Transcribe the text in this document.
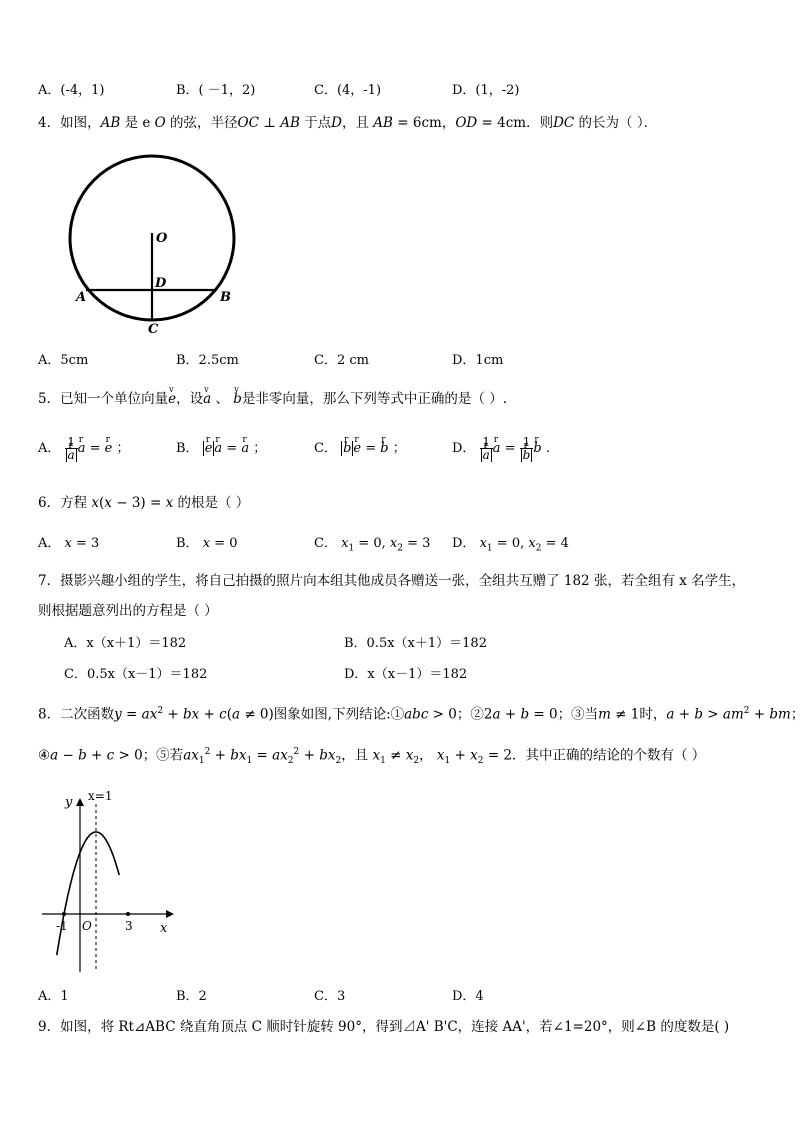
A．(-4，1)	B．( －1，2)	C．(4，-1)	D．(1，-2)
4．如图，AB 是 e O 的弦，半径OC ⊥ AB 于点D，且 AB = 6cm，OD = 4cm．则DC 的长为（ ）．
O
D
A	B
C
A．5cm	B．2.5cm	C．2 cm	D．1cm
5．已知一个单位向量v e，设v a 、 v b是非零向量，那么下列等式中正确的是（ ）.
A． 1
r a r a = r e ；	B． r e r a = r a ；	C． r b r e = r b ；	D． 1
r a r a = 1
r b r b .
6．方程 x(x − 3) = x 的根是（ ）
A． x = 3	B． x = 0	C． $x_1 = 0$, $x_2 = 3$ D． $x_1 = 0$, $x_2 = 4$
7．摄影兴趣小组的学生，将自己拍摄的照片向本组其他成员各赠送一张，全组共互赠了 182 张，若全组有 x 名学生，
则根据题意列出的方程是（ ）
A．x（x＋1）＝182	B．0.5x（x＋1）＝182
C．0.5x（x－1）＝182	D．x（x－1）＝182
8．二次函数$y = ax^2$ + bx + c(a ≠ 0)图象如图,下列结论:①abc > 0；②2a + b = 0；③当m ≠ 1时，$a + b > am^2$ + bm；
④a − b + c > 0；⑤若$ax_1^2 + bx_1 = ax_2^2 + bx_2$，且 $x_1 \ne x_2$， $x_1 + x_2 = 2$．其中正确的结论的个数有（ ）
y
x
x=1
O
-1	3
A．1	B．2	C．3	D．4
9．如图，将 Rt⊿ABC 绕直角顶点 C 顺时针旋转 90°，得到⊿A' B'C，连接 AA'，若∠1=20°，则∠B 的度数是( )
